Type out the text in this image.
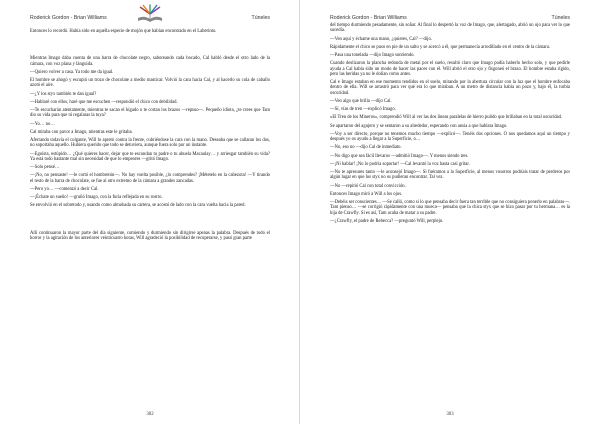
Roderick Gordon - Brian Williams	Túneles

Entonces lo recordó. Había sido en aquella especie de mojón que habían encontrado en el Laberinto.

Mientras Imago daba cuenta de una barra de chocolate negro, saboreando cada bocado, Cal habló desde el otro lado de la cámara, con voz plana y lánguida.

—Quiero volver a casa. Ya todo me da igual.

El hombre se ahogó y escupió un trozo de chocolate a medio masticar. Volvió la cara hacia Cal, y al hacerlo su cola de caballo azotó el aire.

—¿Y los styx también te dan igual?

—Hablaré con ellos, haré que me escuchen —respondió el chico con debilidad.

—Te escucharán atentamente, mientras te sacan el hígado o te cortan los brazos —repuso—. Pequeño idiota, ¿te crees que Tam dio su vida para que tú regalaras la tuya?

—Yo… no…

Cal miraba con pavor a Imago, mientras este le gritaba.

Aferrando todavía el colgante, Will lo apretó contra la frente, cubriéndose la cara con la mano. Deseaba que se callaran los dos, no soportaba aquello. Hubiera querido que todo se detuviera, aunque fuera solo por un instante.

—Egoísta, estúpido… ¿Qué quieres hacer, dejar que te escondan tu padre o tu abuela Macaulay… y arriesgar también su vida? Ya está todo bastante mal sin necesidad de que lo empeores —gritó Imago.

—Solo pensé…

—¡No, no pensaste! —le cortó el hombretón—. No hay vuelta posible, ¿lo comprendes? ¡Métetelo en la cabezota! —Y tirando el resto de la barra de chocolate, se fue al otro extremo de la cámara a grandes zancadas.

—Pero yo… —comenzó a decir Cal.

—¡Échate un sueño! —gruñó Imago, con la furia reflejada en su rostro.

Se envolvió en el sobretodo y, usando como almohada su cartera, se acostó de lado con la cara vuelta hacia la pared.

Allí continuaron la mayor parte del día siguiente, comiendo y durmiendo sin dirigirse apenas la palabra. Después de todo el horror y la agitación de los anteriores veinticuatro horas, Will agradeció la posibilidad de recuperarse, y pasó gran parte

302
Roderick Gordon - Brian Williams	Túneles

del tiempo durmiendo pesadamente, sin soñar. Al final lo despertó la voz de Imago, que, alertagado, abrió un ojo para ver lo que sucedía.

—Ven aquí y échame una mano, ¿quieres, Cal? —dijo.

Rápidamente el chico se puso en pie de un salto y se acercó a él, que permanecía arrodillado en el centro de la cámara.

—Pasa una tonelada —dijo Imago sonriendo.

Cuando deslizaron la plancha redonda de metal por el suelo, resultó claro que Imago podía haberlo hecho solo, y que pedirle ayuda a Cal había sido un modo de hacer las paces con él. Will abrió el otro ojo y fisgoneó el brazo. El hombre estaba rígido, pero las heridas ya no le dolían como antes.

Cal e Imago estaban en ese momento tendidos en el suelo, mirando por la abertura circular con la luz que el hombre enfocaba dentro de ella. Will se arrastró para ver qué era lo que miraban. A un metro de distancia había un pozo y, bajo él, la turbia oscuridad.

—Veo algo que brilla —dijo Cal.

—Sí, vías de tren —explicó Imago.

«El Tren de los Mineros», comprendió Will al ver las dos líneas paralelas de hierro pulido que brillaban en la total oscuridad.

Se apartaron del agujero y se sentaron a su alrededor, esperando con ansia a que hablara Imago.

—Voy a ser directo, porque no tenemos mucho tiempo —explicó—. Tenéis dos opciones. O nos quedamos aquí un tiempo y después yo os ayudo a llegar a la Superficie, o…

—No, eso no —dijo Cal de inmediato.

—No digo que sea fácil llevaros —admitió Imago—. Y menos siendo tres.

—¡Ni hablar! ¡No lo podría soportar! —Cal levantó la voz hasta casi gritar.

—No te apresures tanto —le aconsejó Imago—. Si fuéramos a la Superficie, al menos vosotros podríais tratar de perderos por algún lugar en que los styx no os pudieran encontrar. Tal vez.

—No —repitió Cal con total convicción.

Entonces Imago miró a Will a los ojos.

—Debéis ser conscientes… —Se calló, como si lo que pensaba decir fuera tan terrible que no consiguiera ponerlo en palabras—. Tam pienso… —se corrigió rápidamente con una mueca— pensaba que la chica styx que se hizo pasar por tu hermana… es la hija de Crawfly. Si es así, Tam acaba de matar a su padre.

—¿Crawfly, el padre de Rebecca? —preguntó Will, perplejo.

303
